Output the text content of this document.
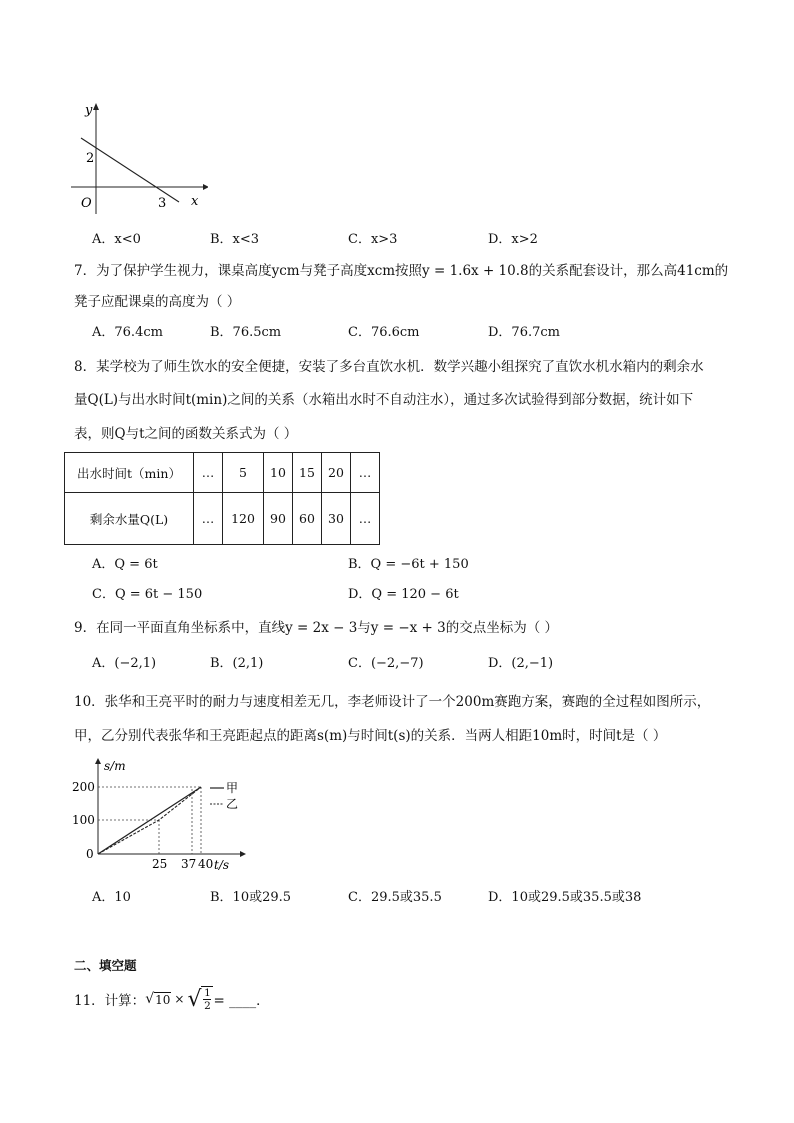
y
x
O
2
3
A．x<0	B．x<3	C．x>3	D．x>2
7．为了保护学生视力，课桌高度ycm与凳子高度xcm按照y = 1.6x + 10.8的关系配套设计，那么高41cm的
凳子应配课桌的高度为（ ）
A．76.4cm	B．76.5cm	C．76.6cm	D．76.7cm
8．某学校为了师生饮水的安全便捷，安装了多台直饮水机．数学兴趣小组探究了直饮水机水箱内的剩余水
量Q(L)与出水时间t(min)之间的关系（水箱出水时不自动注水），通过多次试验得到部分数据，统计如下
表，则Q与t之间的函数关系式为（ ）
出水时间t（min）	…	5	10	15	20	…
剩余水量Q(L)	…	120	90	60	30	…
A．Q = 6t	B．Q = −6t + 150
C．Q = 6t − 150	D．Q = 120 − 6t
9．在同一平面直角坐标系中，直线y = 2x − 3与y = −x + 3的交点坐标为（ ）
A．(−2,1)	B．(2,1)	C．(−2,−7)	D．(2,−1)
10．张华和王亮平时的耐力与速度相差无几，李老师设计了一个200m赛跑方案，赛跑的全过程如图所示，
甲，乙分别代表张华和王亮距起点的距离s(m)与时间t(s)的关系．当两人相距10m时，时间t是（ ）
s/m
200
100
0
25 37 40 t/s
甲
乙
A．10	B．10或29.5	C．29.5或35.5	D．10或29.5或35.5或38
二、填空题
11．计算： √ 10 × √ 1
2 = ____．
